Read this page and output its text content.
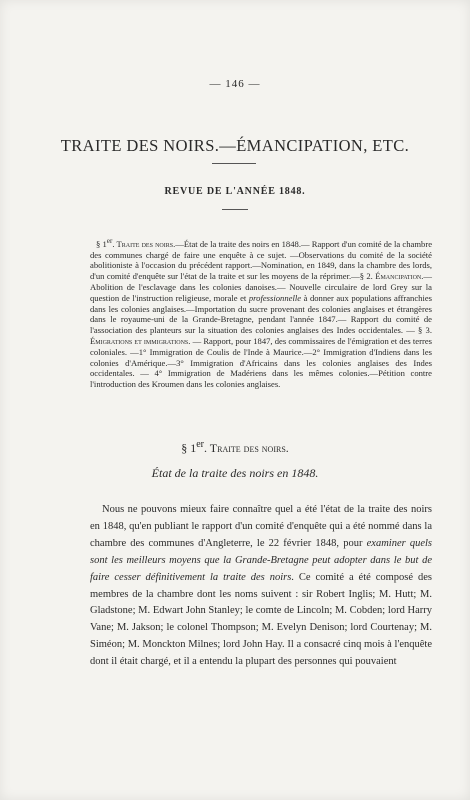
— 146 —
TRAITE DES NOIRS.—ÉMANCIPATION, ETC.
REVUE DE L'ANNÉE 1848.

§ 1er. Traite des noirs.—État de la traite des noirs en 1848.— Rapport d'un comité de la chambre des communes chargé de faire une enquête à ce sujet. —Observations du comité de la société abolitioniste à l'occasion du précédent rapport.—Nomination, en 1849, dans la chambre des lords, d'un comité d'enquête sur l'état de la traite et sur les moyens de la réprimer.—§ 2. Émancipation.— Abolition de l'esclavage dans les colonies danoises.— Nouvelle circulaire de lord Grey sur la question de l'instruction religieuse, morale et professionnelle à donner aux populations affranchies dans les colonies anglaises.—Importation du sucre provenant des colonies anglaises et étrangères dans le royaume-uni de la Grande-Bretagne, pendant l'année 1847.— Rapport du comité de l'association des planteurs sur la situation des colonies anglaises des Indes occidentales. — § 3. Émigrations et immigrations. — Rapport, pour 1847, des commissaires de l'émigration et des terres coloniales. —1° Immigration de Coulis de l'Inde à Maurice.—2° Immigration d'Indiens dans les colonies d'Amérique.—3° Immigration d'Africains dans les colonies anglaises des Indes occidentales. — 4° Immigration de Madériens dans les mêmes colonies.—Pétition contre l'introduction des Kroumen dans les colonies anglaises.

§ 1er. Traite des noirs.
État de la traite des noirs en 1848.

Nous ne pouvons mieux faire connaître quel a été l'état de la traite des noirs en 1848, qu'en publiant le rapport d'un comité d'enquête qui a été nommé dans la chambre des communes d'Angleterre, le 22 février 1848, pour examiner quels sont les meilleurs moyens que la Grande-Bretagne peut adopter dans le but de faire cesser définitivement la traite des noirs. Ce comité a été composé des membres de la chambre dont les noms suivent : sir Robert Inglis; M. Hutt; M. Gladstone; M. Edwart John Stanley; le comte de Lincoln; M. Cobden; lord Harry Vane; M. Jakson; le colonel Thompson; M. Evelyn Denison; lord Courtenay; M. Siméon; M. Monckton Milnes; lord John Hay. Il a consacré cinq mois à l'enquête dont il était chargé, et il a entendu la plupart des personnes qui pouvaient
